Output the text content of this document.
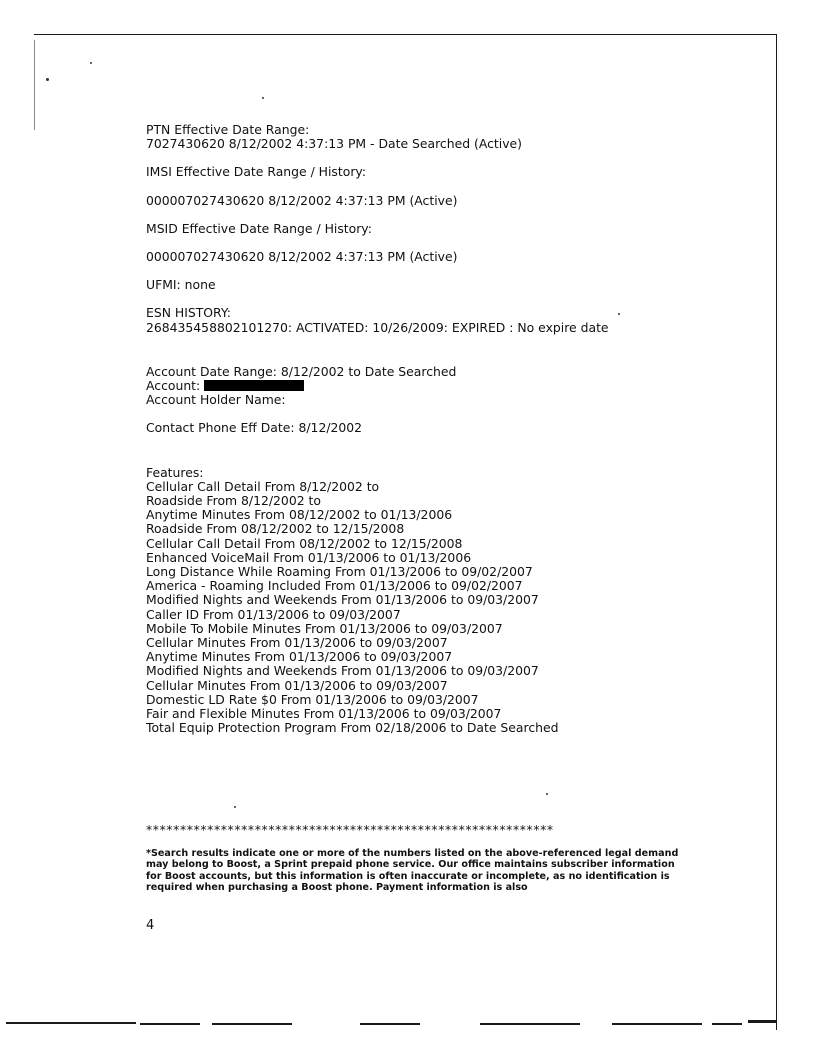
PTN Effective Date Range:
7027430620 8/12/2002 4:37:13 PM - Date Searched (Active)
IMSI Effective Date Range / History:
000007027430620 8/12/2002 4:37:13 PM (Active)
MSID Effective Date Range / History:
000007027430620 8/12/2002 4:37:13 PM (Active)
UFMI: none
ESN HISTORY:
268435458802101270: ACTIVATED: 10/26/2009: EXPIRED : No expire date
Account Date Range: 8/12/2002 to Date Searched
Account:
Account Holder Name:
Contact Phone Eff Date: 8/12/2002
Features:
Cellular Call Detail From 8/12/2002 to
Roadside From 8/12/2002 to
Anytime Minutes From 08/12/2002 to 01/13/2006
Roadside From 08/12/2002 to 12/15/2008
Cellular Call Detail From 08/12/2002 to 12/15/2008
Enhanced VoiceMail From 01/13/2006 to 01/13/2006
Long Distance While Roaming From 01/13/2006 to 09/02/2007
America - Roaming Included From 01/13/2006 to 09/02/2007
Modified Nights and Weekends From 01/13/2006 to 09/03/2007
Caller ID From 01/13/2006 to 09/03/2007
Mobile To Mobile Minutes From 01/13/2006 to 09/03/2007
Cellular Minutes From 01/13/2006 to 09/03/2007
Anytime Minutes From 01/13/2006 to 09/03/2007
Modified Nights and Weekends From 01/13/2006 to 09/03/2007
Cellular Minutes From 01/13/2006 to 09/03/2007
Domestic LD Rate $0 From 01/13/2006 to 09/03/2007
Fair and Flexible Minutes From 01/13/2006 to 09/03/2007
Total Equip Protection Program From 02/18/2006 to Date Searched
************************************************************
*Search results indicate one or more of the numbers listed on the above-referenced legal demand may belong to Boost, a Sprint prepaid phone service. Our office maintains subscriber information for Boost accounts, but this information is often inaccurate or incomplete, as no identification is required when purchasing a Boost phone. Payment information is also
4
